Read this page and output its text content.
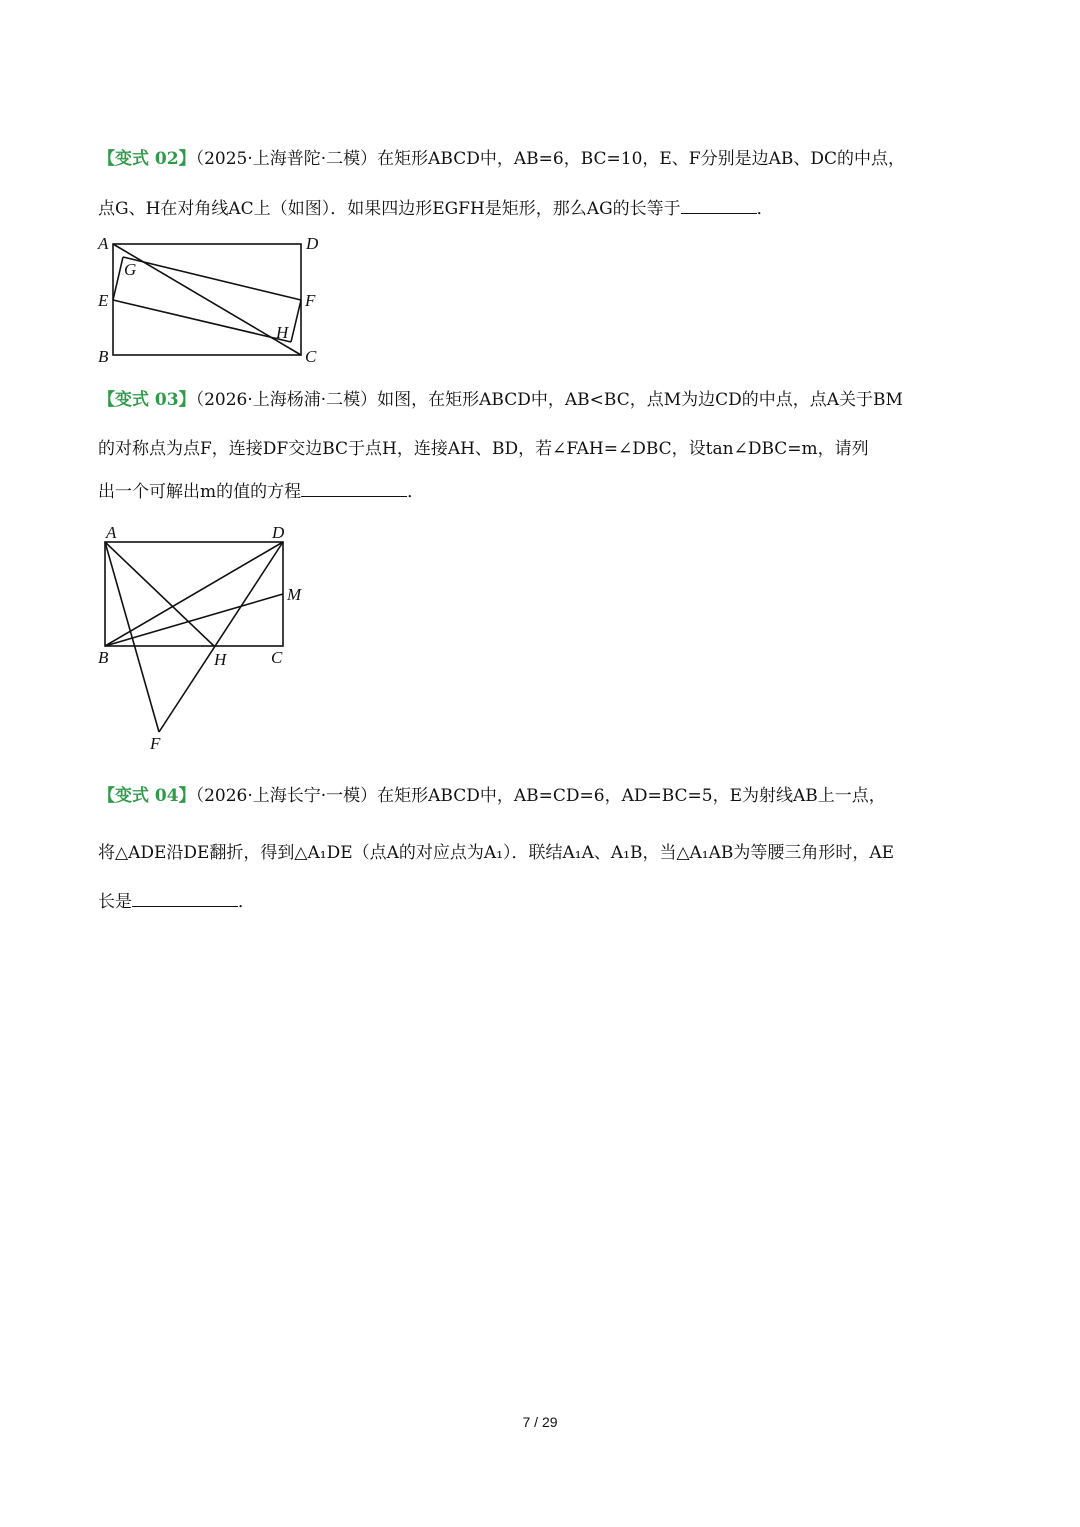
【变式 02】（2025·上海普陀·二模）在矩形ABCD中，AB=6，BC=10，E、F分别是边AB、DC的中点，
点G、H在对角线AC上（如图）．如果四边形EGFH是矩形，那么AG的长等于	．
A	D
G
E	F
H
B	C
【变式 03】（2026·上海杨浦·二模）如图，在矩形ABCD中，AB<BC，点M为边CD的中点，点A关于BM
的对称点为点F，连接DF交边BC于点H，连接AH、BD，若∠FAH=∠DBC，设tan∠DBC=m，请列
出一个可解出m的值的方程	．
A	D
M
B	H	C
F
【变式 04】（2026·上海长宁·一模）在矩形ABCD中，AB=CD=6，AD=BC=5，E为射线AB上一点，
将△ADE沿DE翻折，得到△A₁DE（点A的对应点为A₁）．联结A₁A、A₁B，当△A₁AB为等腰三角形时，AE
长是	．
7 / 29
